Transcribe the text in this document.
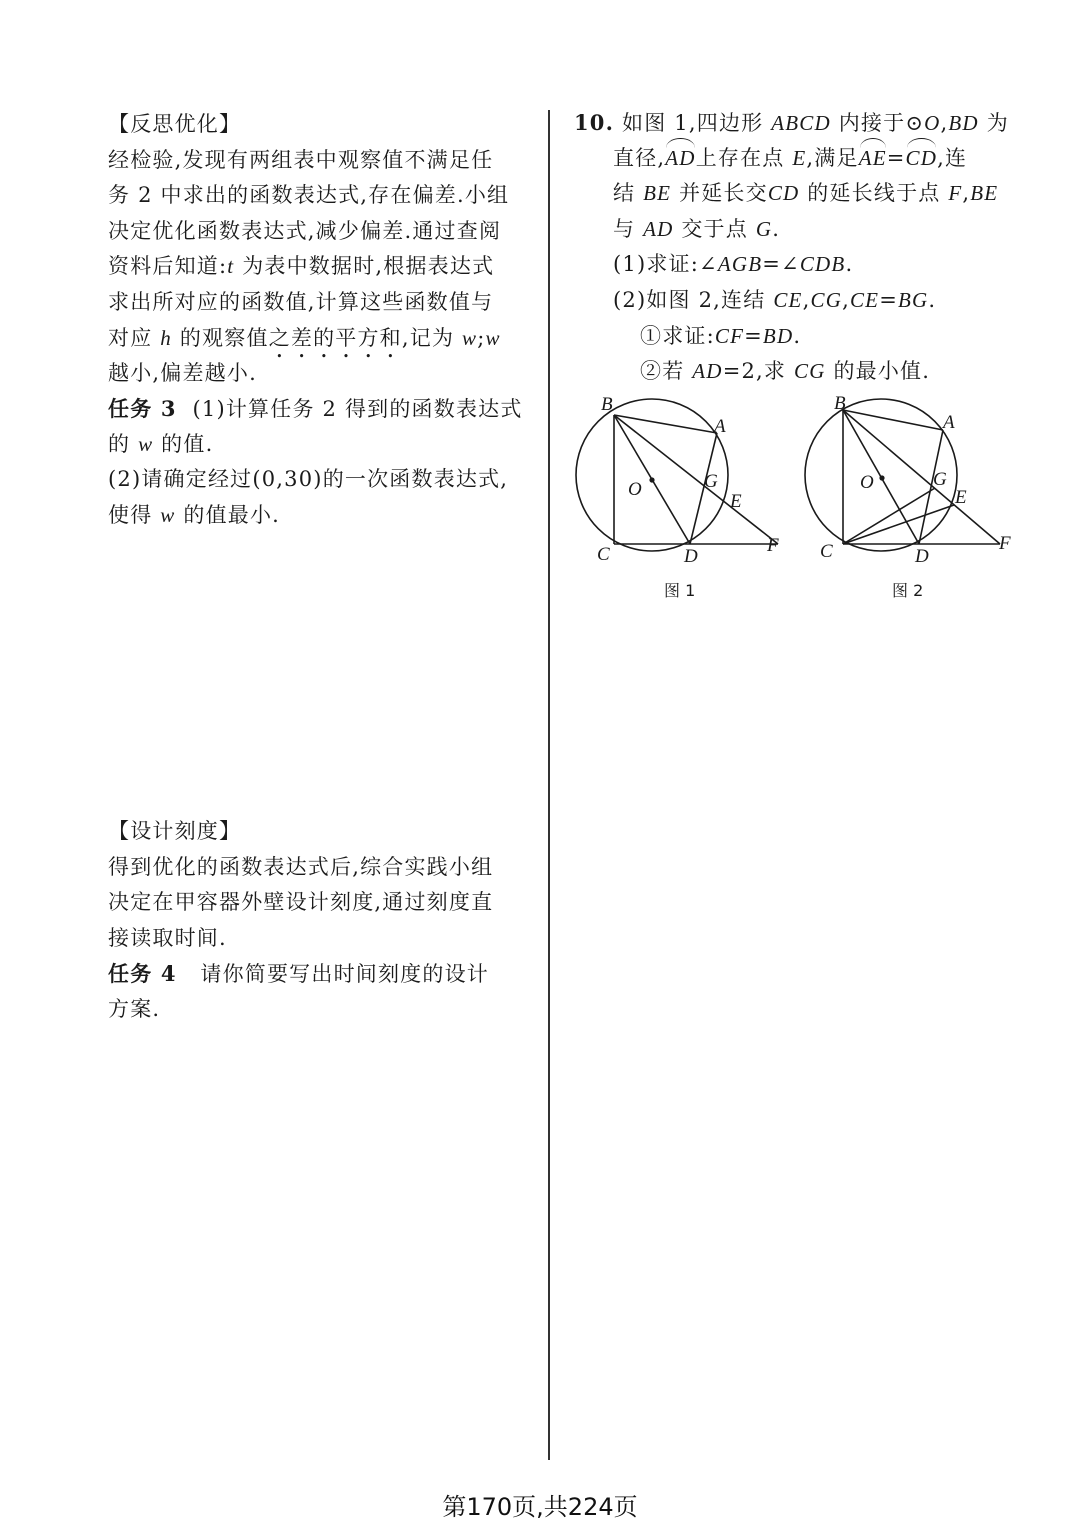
【反思优化】
经检验,发现有两组表中观察值不满足任
务 2 中求出的函数表达式,存在偏差.小组
决定优化函数表达式,减少偏差.通过查阅
资料后知道:t 为表中数据时,根据表达式
求出所对应的函数值,计算这些函数值与
对应 h 的观察值之差的平方和,记为 w;w
越小,偏差越小.
任务 3 (1)计算任务 2 得到的函数表达式
的 w 的值.
(2)请确定经过(0,30)的一次函数表达式,
使得 w 的值最小.
【设计刻度】
得到优化的函数表达式后,综合实践小组
决定在甲容器外壁设计刻度,通过刻度直
接读取时间.
任务 4 请你简要写出时间刻度的设计
方案.
10. 如图 1,四边形 ABCD 内接于⊙O,BD 为
直径,AD上存在点 E,满足AE=CD,连
结 BE 并延长交CD 的延长线于点 F,BE
与 AD 交于点 G.
(1)求证:∠AGB=∠CDB.
(2)如图 2,连结 CE,CG,CE=BG.
①求证:CF=BD.
②若 AD=2,求 CG 的最小值.
B
A
O	G
E
C	D
F
图 1
B
A
O	G
E
C	D
F
图 2
第170页,共224页
